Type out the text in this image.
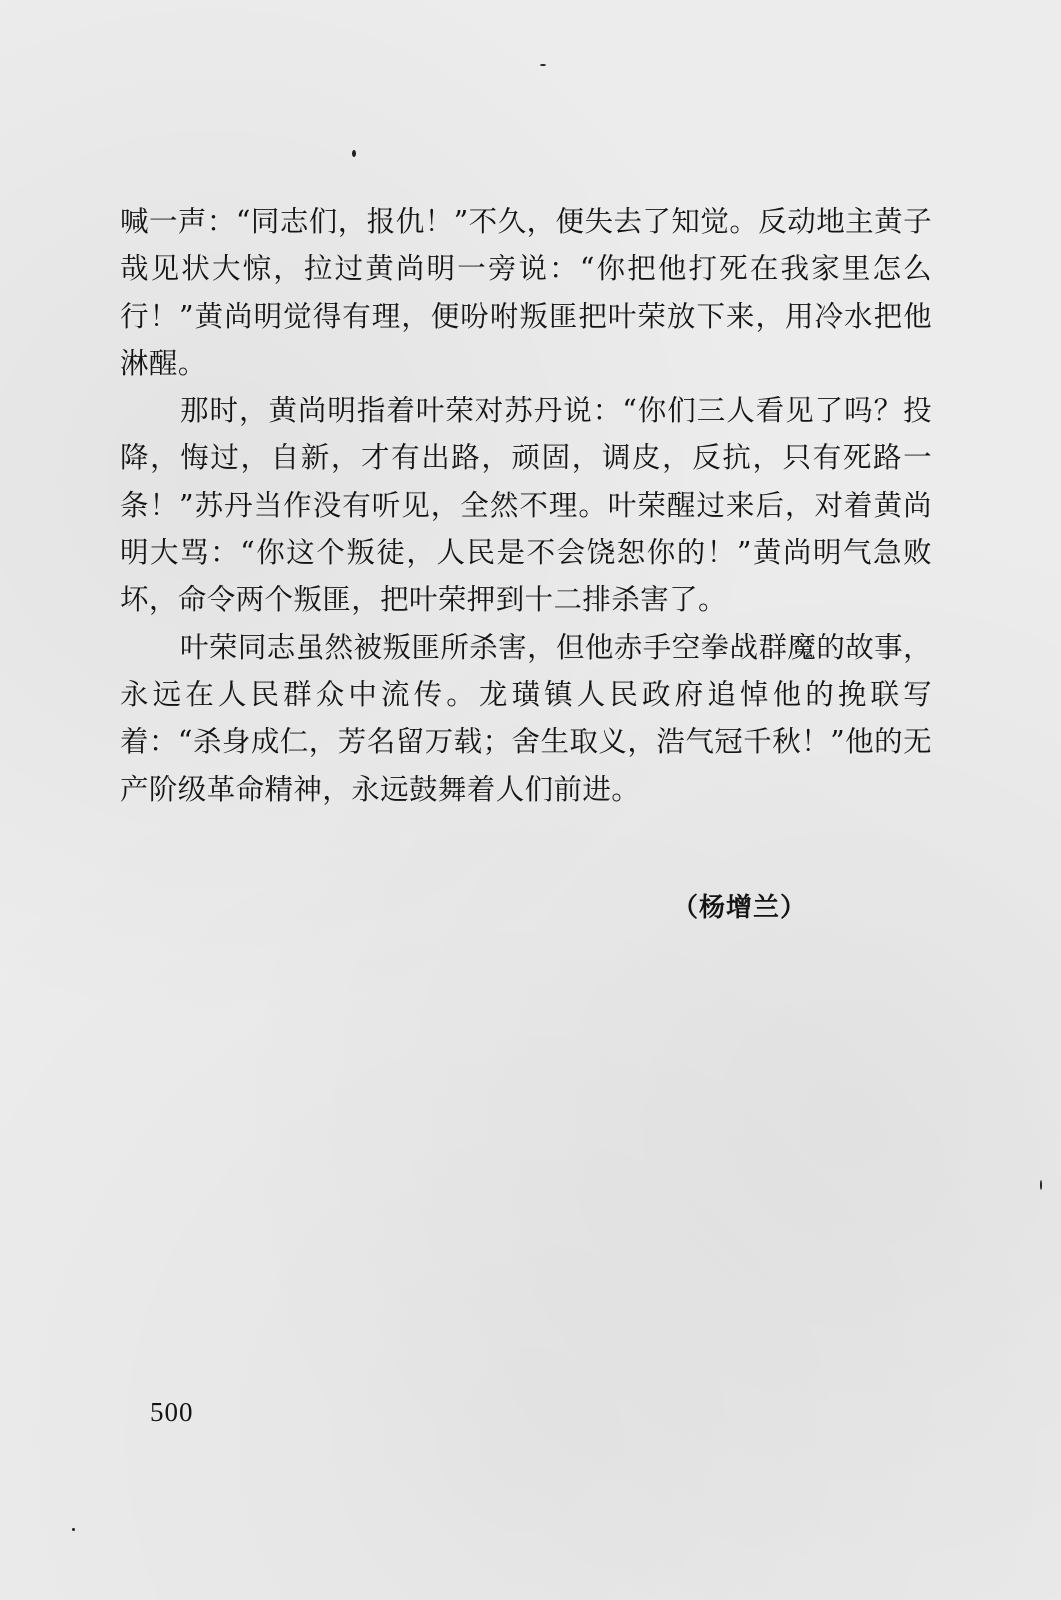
喊一声：“同志们，报仇！”不久，便失去了知觉。反动地主黄子哉见状大惊，拉过黄尚明一旁说：“你把他打死在我家里怎么行！”黄尚明觉得有理，便吩咐叛匪把叶荣放下来，用冷水把他淋醒。

那时，黄尚明指着叶荣对苏丹说：“你们三人看见了吗？投降，悔过，自新，才有出路，顽固，调皮，反抗，只有死路一条！”苏丹当作没有听见，全然不理。叶荣醒过来后，对着黄尚明大骂：“你这个叛徒，人民是不会饶恕你的！”黄尚明气急败坏，命令两个叛匪，把叶荣押到十二排杀害了。

叶荣同志虽然被叛匪所杀害，但他赤手空拳战群魔的故事，永远在人民群众中流传。龙璜镇人民政府追悼他的挽联写着：“杀身成仁，芳名留万载；舍生取义，浩气冠千秋！”他的无产阶级革命精神，永远鼓舞着人们前进。

（杨增兰）
500
